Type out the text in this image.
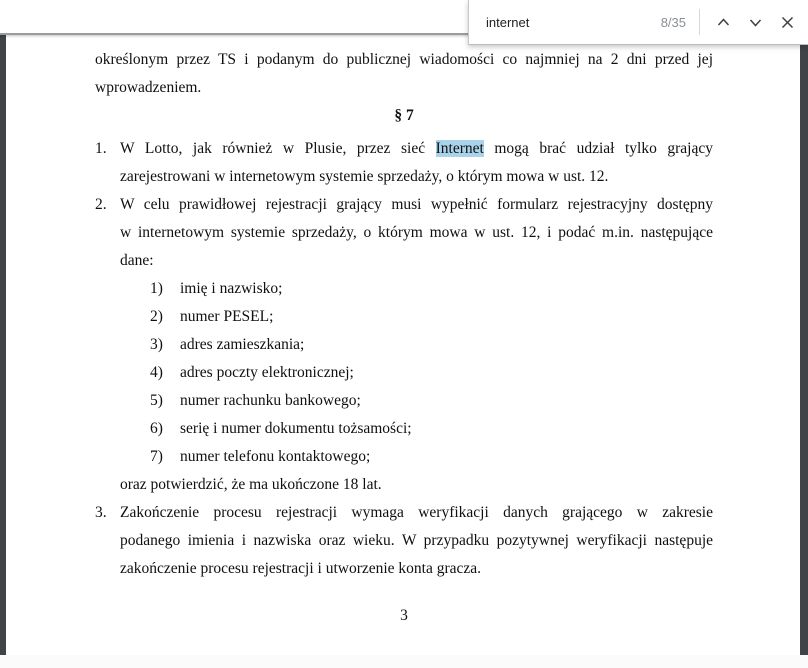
określonym przez TS i podanym do publicznej wiadomości co najmniej na 2 dni przed jej
wprowadzeniem.
§ 7
1. W Lotto, jak również w Plusie, przez sieć Internet mogą brać udział tylko grający
zarejestrowani w internetowym systemie sprzedaży, o którym mowa w ust. 12.
2. W celu prawidłowej rejestracji grający musi wypełnić formularz rejestracyjny dostępny
w internetowym systemie sprzedaży, o którym mowa w ust. 12, i podać m.in. następujące
dane:
1) imię i nazwisko;
2) numer PESEL;
3) adres zamieszkania;
4) adres poczty elektronicznej;
5) numer rachunku bankowego;
6) serię i numer dokumentu tożsamości;
7) numer telefonu kontaktowego;
oraz potwierdzić, że ma ukończone 18 lat.
3. Zakończenie procesu rejestracji wymaga weryfikacji danych grającego w zakresie
podanego imienia i nazwiska oraz wieku. W przypadku pozytywnej weryfikacji następuje
zakończenie procesu rejestracji i utworzenie konta gracza.
3
internet
8/35
